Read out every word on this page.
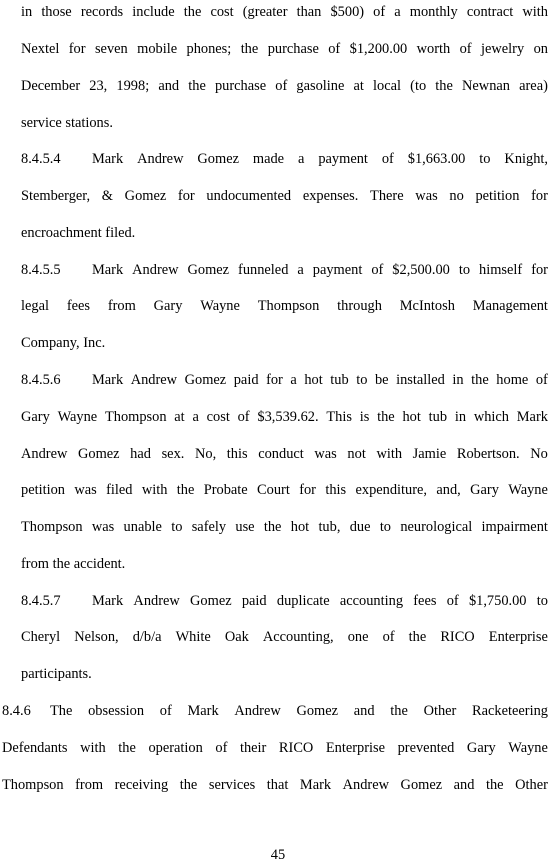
in those records include the cost (greater than $500) of a monthly contract with
Nextel for seven mobile phones; the purchase of $1,200.00 worth of jewelry on
December 23, 1998; and the purchase of gasoline at local (to the Newnan area)
service stations.
8.4.5.4 Mark Andrew Gomez made a payment of $1,663.00 to Knight,
Stemberger, & Gomez for undocumented expenses. There was no petition for
encroachment filed.
8.4.5.5 Mark Andrew Gomez funneled a payment of $2,500.00 to himself for
legal fees from Gary Wayne Thompson through McIntosh Management
Company, Inc.
8.4.5.6 Mark Andrew Gomez paid for a hot tub to be installed in the home of
Gary Wayne Thompson at a cost of $3,539.62. This is the hot tub in which Mark
Andrew Gomez had sex. No, this conduct was not with Jamie Robertson. No
petition was filed with the Probate Court for this expenditure, and, Gary Wayne
Thompson was unable to safely use the hot tub, due to neurological impairment
from the accident.
8.4.5.7 Mark Andrew Gomez paid duplicate accounting fees of $1,750.00 to
Cheryl Nelson, d/b/a White Oak Accounting, one of the RICO Enterprise
participants.
8.4.6 The obsession of Mark Andrew Gomez and the Other Racketeering
Defendants with the operation of their RICO Enterprise prevented Gary Wayne
Thompson from receiving the services that Mark Andrew Gomez and the Other
45
